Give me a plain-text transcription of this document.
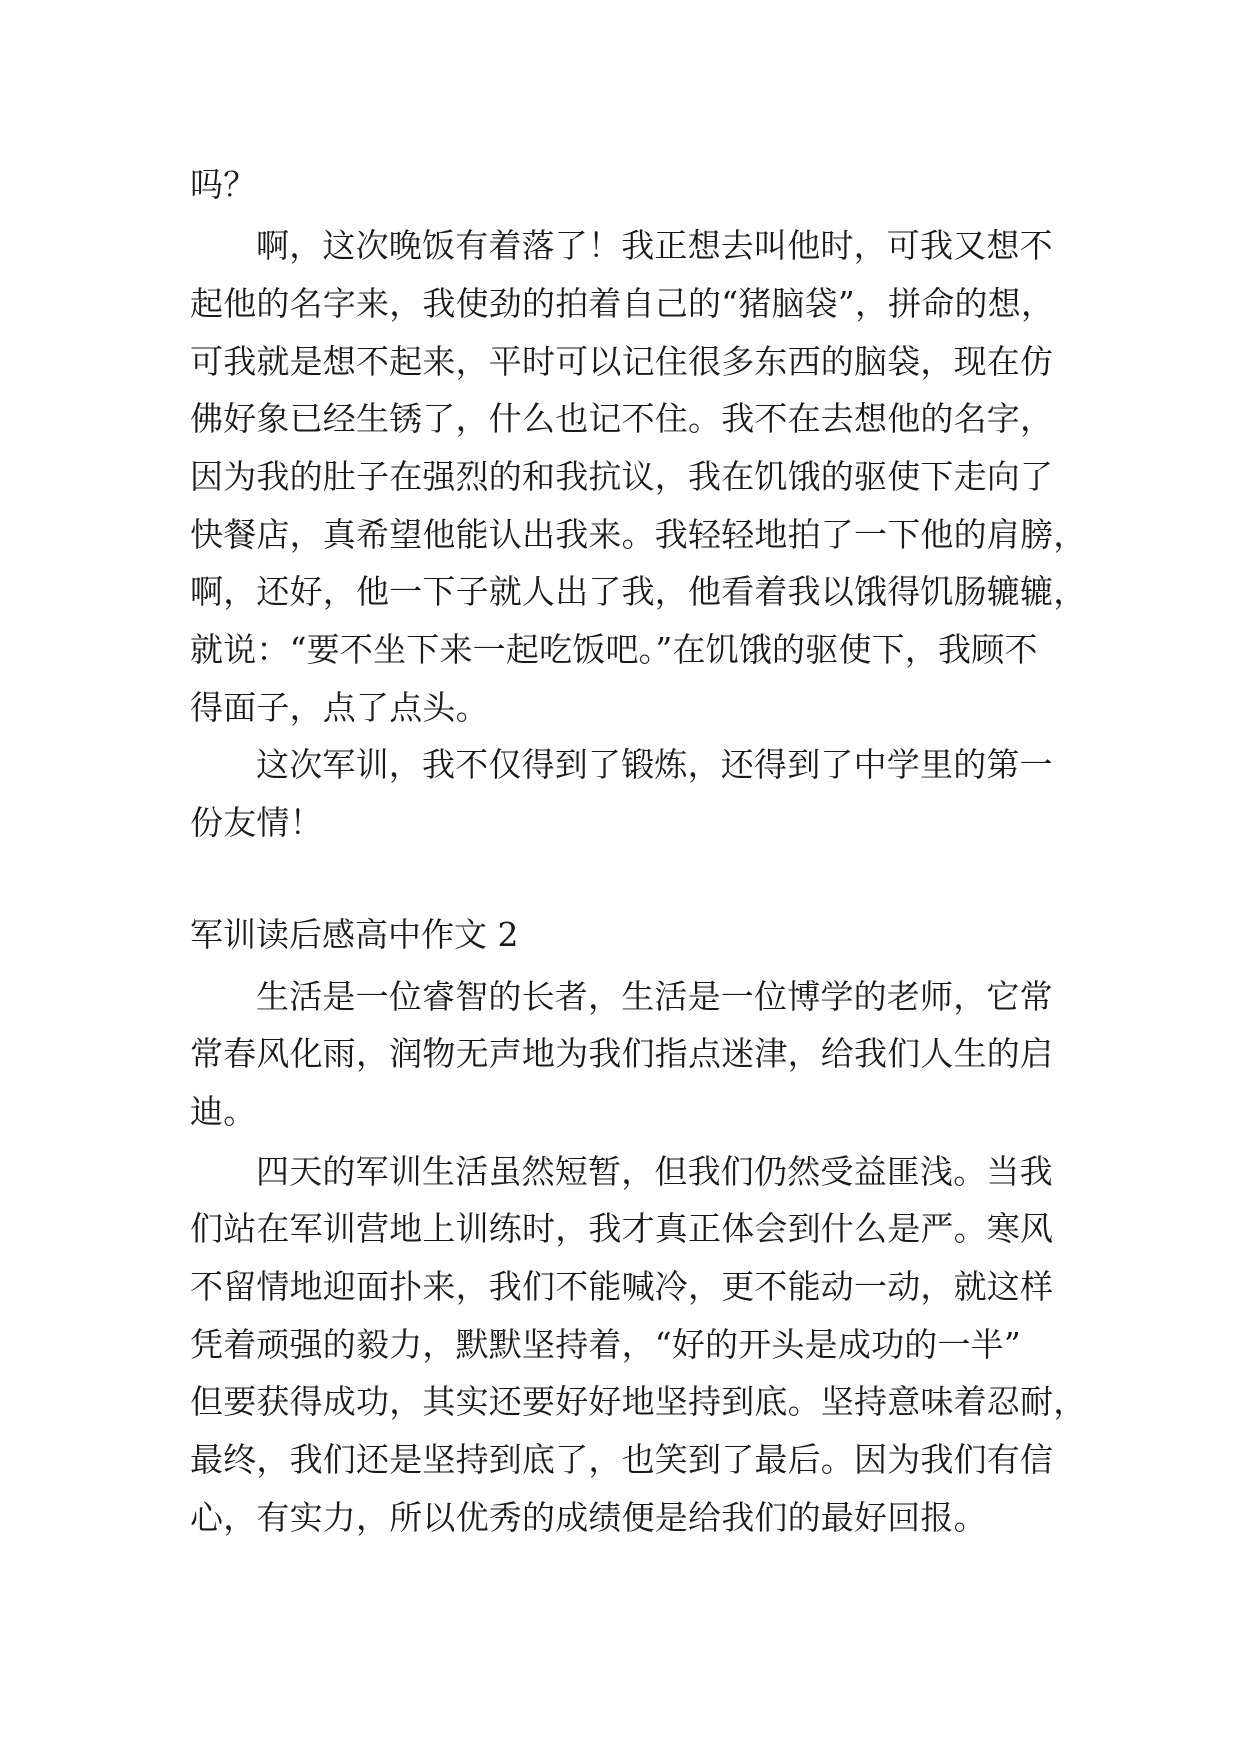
吗？
啊，这次晚饭有着落了！我正想去叫他时，可我又想不
起他的名字来，我使劲的拍着自己的“猪脑袋”，拼命的想，
可我就是想不起来，平时可以记住很多东西的脑袋，现在仿
佛好象已经生锈了，什么也记不住。我不在去想他的名字，
因为我的肚子在强烈的和我抗议，我在饥饿的驱使下走向了
快餐店，真希望他能认出我来。我轻轻地拍了一下他的肩膀，
啊，还好，他一下子就人出了我，他看着我以饿得饥肠辘辘，
就说：“要不坐下来一起吃饭吧。”在饥饿的驱使下，我顾不
得面子，点了点头。
这次军训，我不仅得到了锻炼，还得到了中学里的第一
份友情！
军训读后感高中作文 2
生活是一位睿智的长者，生活是一位博学的老师，它常
常春风化雨，润物无声地为我们指点迷津，给我们人生的启
迪。
四天的军训生活虽然短暂，但我们仍然受益匪浅。当我
们站在军训营地上训练时，我才真正体会到什么是严。寒风
不留情地迎面扑来，我们不能喊冷，更不能动一动，就这样
凭着顽强的毅力，默默坚持着，“好的开头是成功的一半”
但要获得成功，其实还要好好地坚持到底。坚持意味着忍耐，
最终，我们还是坚持到底了，也笑到了最后。因为我们有信
心，有实力，所以优秀的成绩便是给我们的最好回报。
